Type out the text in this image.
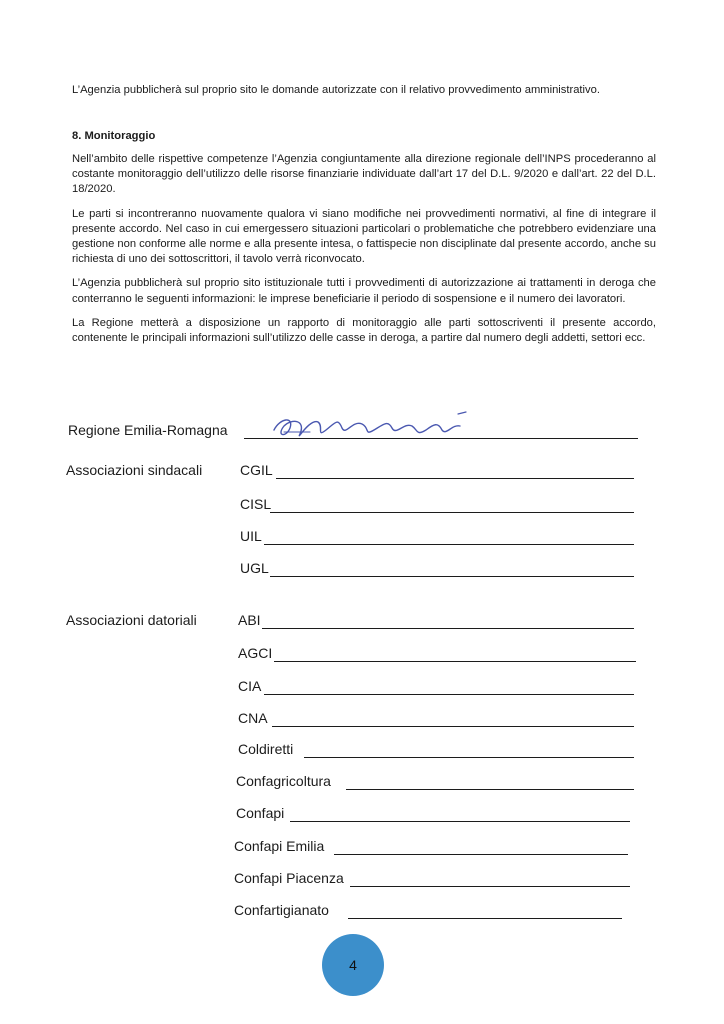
L’Agenzia pubblicherà sul proprio sito le domande autorizzate con il relativo provvedimento amministrativo.
8. Monitoraggio

Nell’ambito delle rispettive competenze l’Agenzia congiuntamente alla direzione regionale dell’INPS procederanno al costante monitoraggio dell’utilizzo delle risorse finanziarie individuate dall’art 17 del D.L. 9/2020 e dall’art. 22 del D.L. 18/2020.

Le parti si incontreranno nuovamente qualora vi siano modifiche nei provvedimenti normativi, al fine di integrare il presente accordo. Nel caso in cui emergessero situazioni particolari o problematiche che potrebbero evidenziare una gestione non conforme alle norme e alla presente intesa, o fattispecie non disciplinate dal presente accordo, anche su richiesta di uno dei sottoscrittori, il tavolo verrà riconvocato.

L’Agenzia pubblicherà sul proprio sito istituzionale tutti i provvedimenti di autorizzazione ai trattamenti in deroga che conterranno le seguenti informazioni: le imprese beneficiarie il periodo di sospensione e il numero dei lavoratori.

La Regione metterà a disposizione un rapporto di monitoraggio alle parti sottoscriventi il presente accordo, contenente le principali informazioni sull’utilizzo delle casse in deroga, a partire dal numero degli addetti, settori ecc.

Regione Emilia-Romagna
Associazioni sindacali	CGIL
CISL
UIL
UGL
Associazioni datoriali	ABI
AGCI
CIA
CNA
Coldiretti
Confagricoltura
Confapi
Confapi Emilia
Confapi Piacenza
Confartigianato
4
